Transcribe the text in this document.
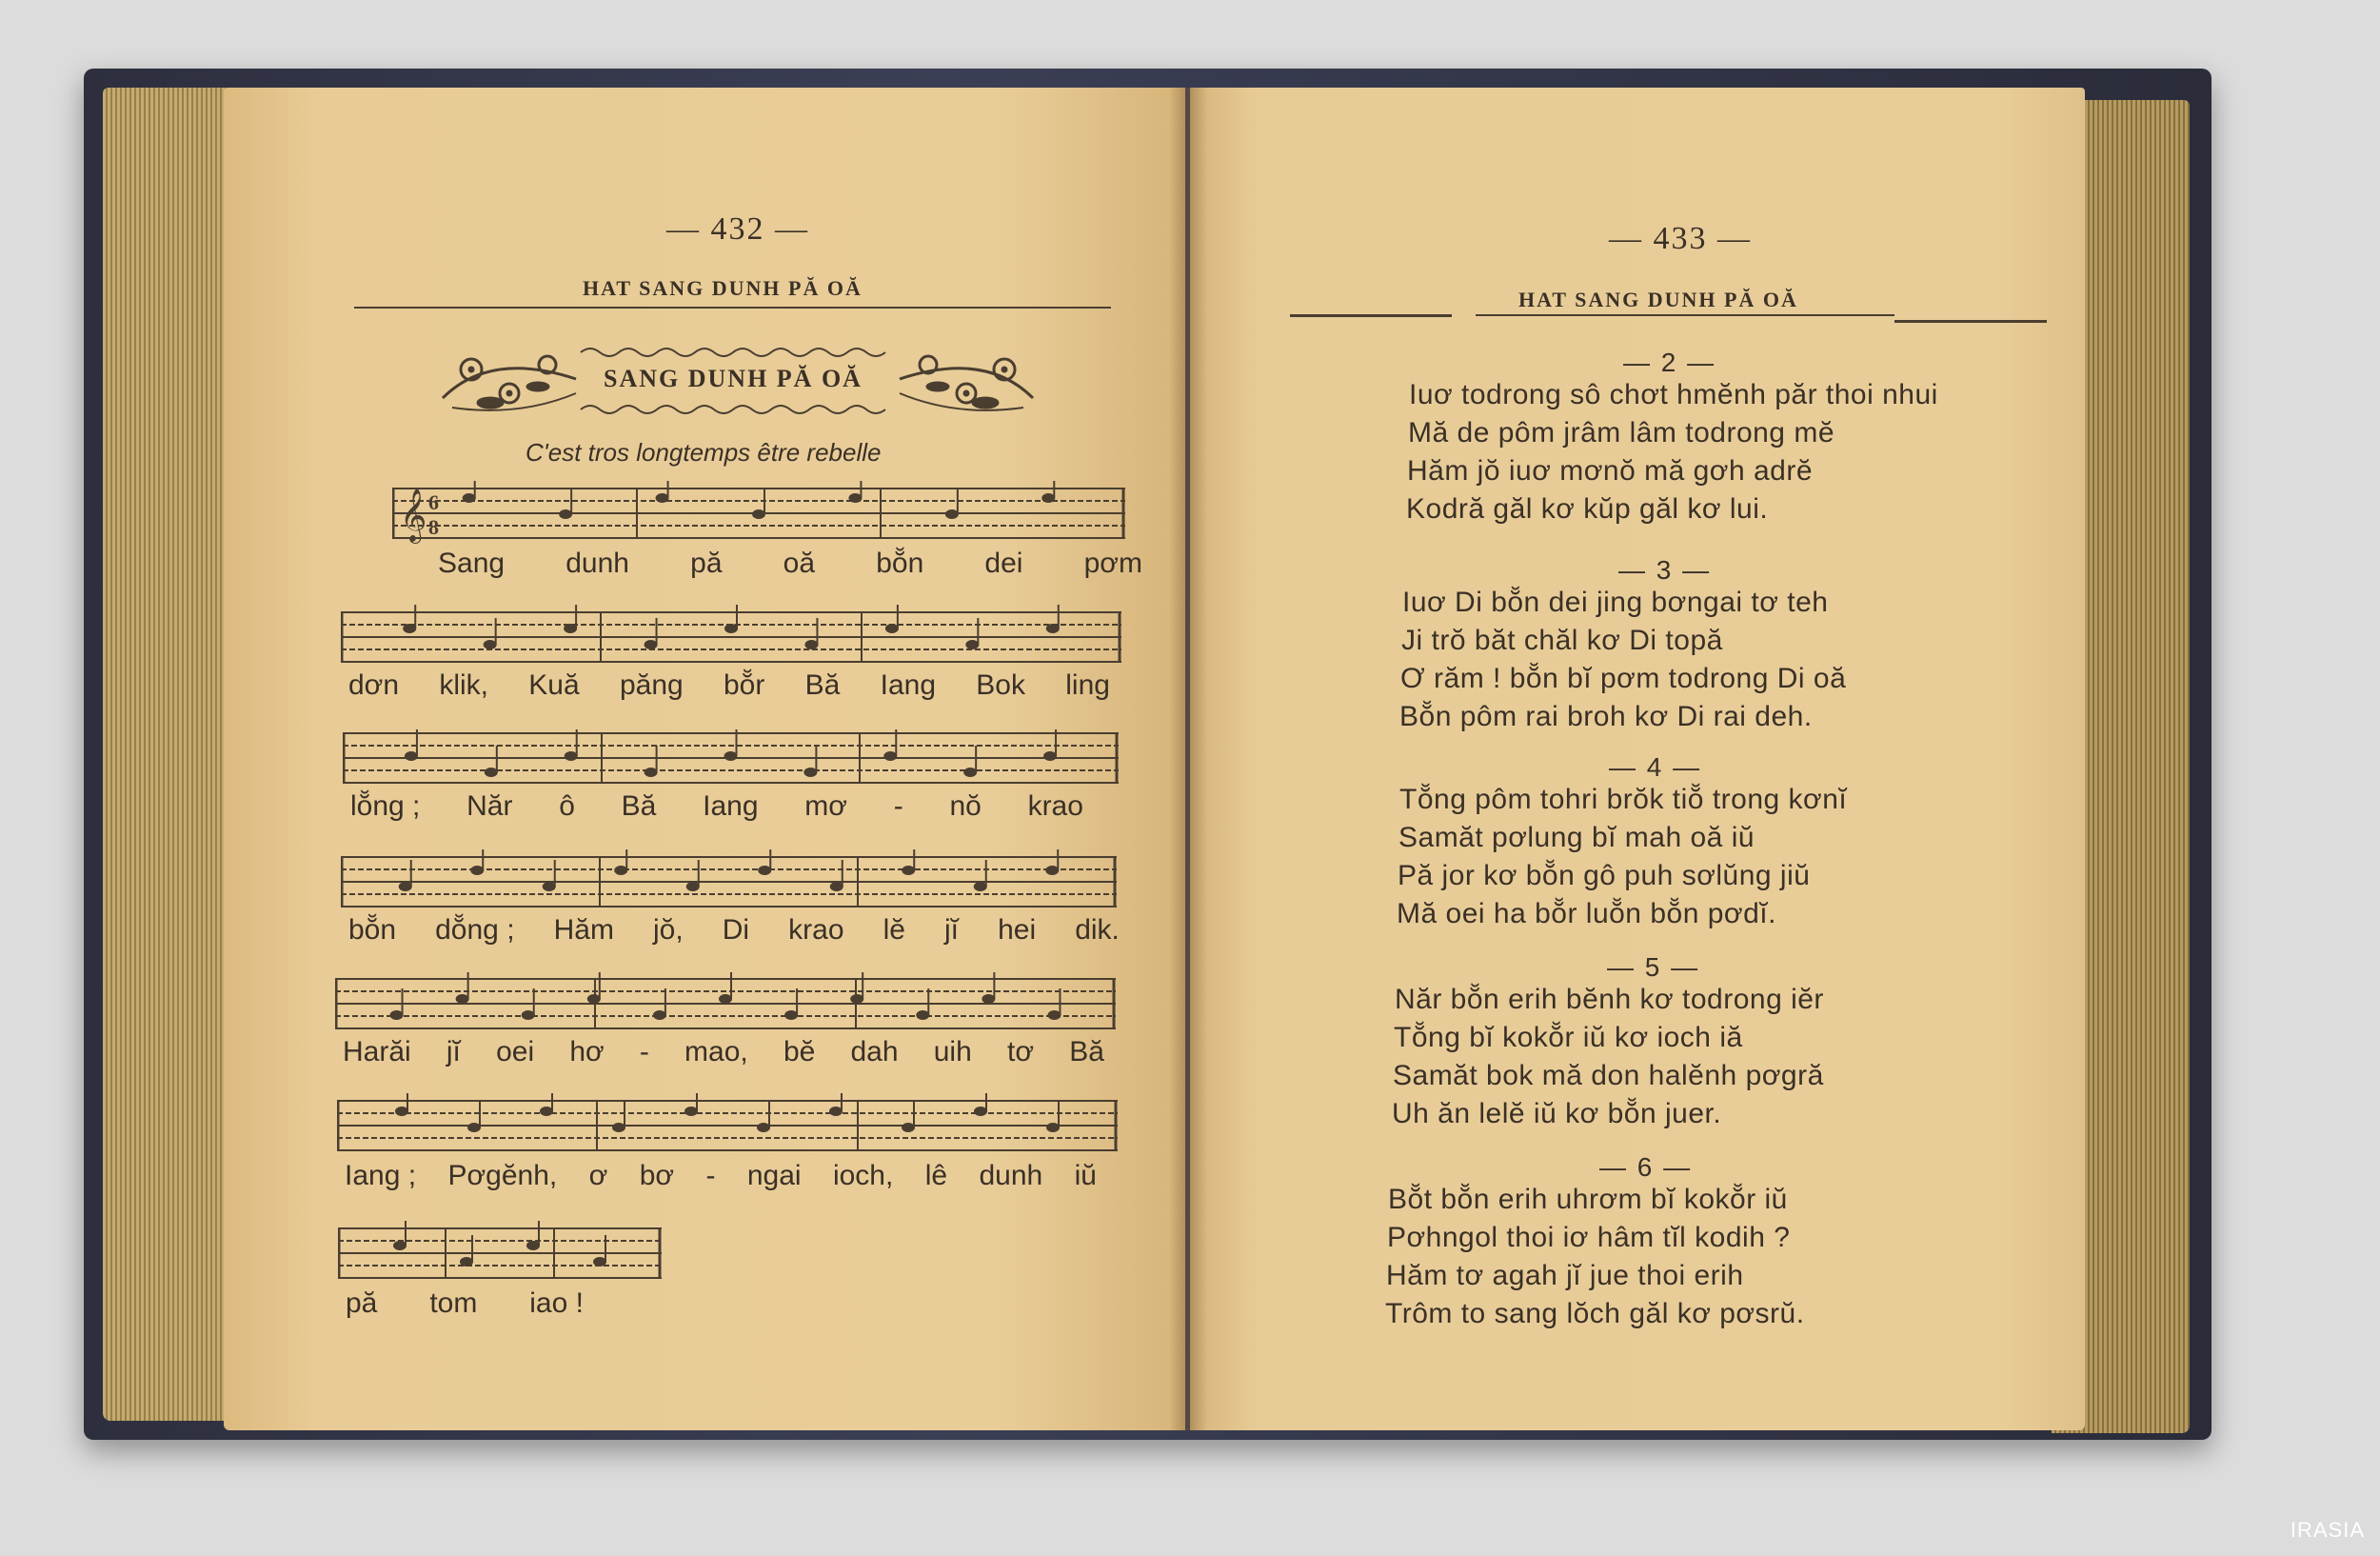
— 432 —
HAT SANG DUNH PĂ OĂ
SANG DUNH PĂ OĂ
C'est tros longtemps être rebelle
𝄞 6
8
Sang dunh pă oă bŏ̆n dei pơm
dơn klik, Kuă păng bŏ̆r Bă Iang Bok ling
lŏ̆ng ; Năr ô Bă Iang mơ - nŏ krao
bŏ̆n dŏ̆ng ; Hăm jŏ, Di krao lĕ jĭ hei dik.
Harăi jĭ oei hơ - mao, bĕ dah uih tơ Bă
Iang ; Pơgĕnh, ơ bơ - ngai ioch, lê dunh iŭ
pă tom iao !
— 433 —
HAT SANG DUNH PĂ OĂ
— 2 —
Iuơ todrong sô chơt hmĕnh păr thoi nhui
Mă de pôm jrâm lâm todrong mĕ
Hăm jŏ iuơ mơnŏ mă gơh adrĕ
Kodră găl kơ kŭp găl kơ lui.
— 3 —
Iuơ Di bŏ̆n dei jing bơngai tơ teh
Ji trŏ băt chăl kơ Di topă
Ơ răm ! bŏ̆n bĭ pơm todrong Di oă
Bŏ̆n pôm rai broh kơ Di rai deh.
— 4 —
Tŏ̆ng pôm tohri brŏk tiŏ̆ trong kơnĭ
Samăt pơlung bĭ mah oă iŭ
Pă jor kơ bŏ̆n gô puh sơlŭng jiŭ
Mă oei ha bŏ̆r luŏ̆n bŏ̆n pơdĭ.
— 5 —
Năr bŏ̆n erih bĕnh kơ todrong iĕr
Tŏ̆ng bĭ kokŏ̆r iŭ kơ ioch iă
Samăt bok mă don halĕnh pơgră
Uh ăn lelĕ iŭ kơ bŏ̆n juer.
— 6 —
Bŏ̆t bŏ̆n erih uhrơm bĭ kokŏ̆r iŭ
Pơhngol thoi iơ hâm tĭl kodih ?
Hăm tơ agah jĭ jue thoi erih
Trôm to sang lŏch găl kơ pơsrŭ.
IRASIA
